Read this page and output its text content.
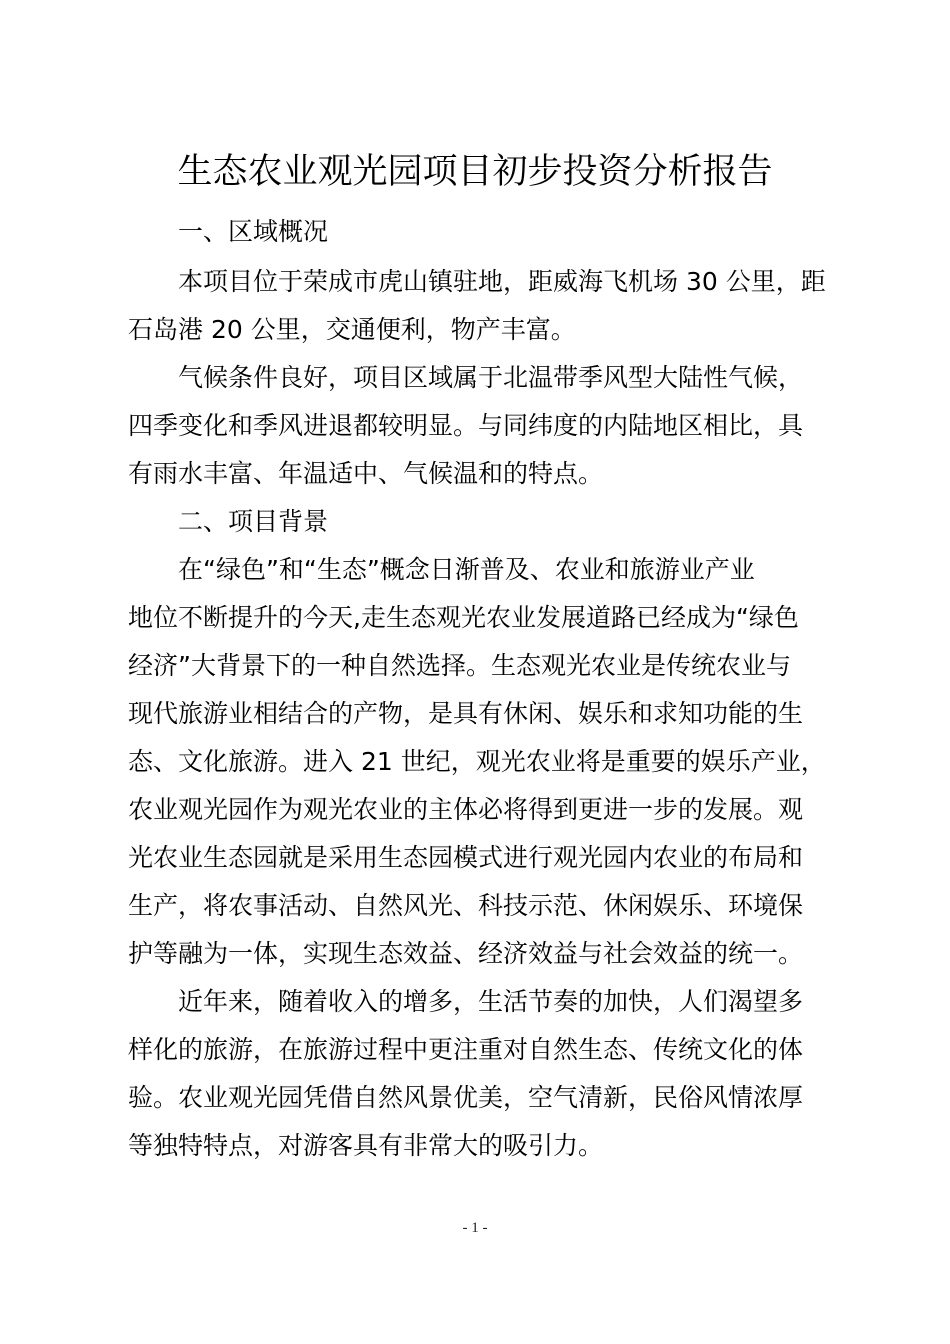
生态农业观光园项目初步投资分析报告
一、区域概况
本项目位于荣成市虎山镇驻地，距威海飞机场 30 公里，距
石岛港 20 公里，交通便利，物产丰富。
气候条件良好，项目区域属于北温带季风型大陆性气候，
四季变化和季风进退都较明显。与同纬度的内陆地区相比，具
有雨水丰富、年温适中、气候温和的特点。
二、项目背景
在“绿色”和“生态”概念日渐普及、农业和旅游业产业
地位不断提升的今天,走生态观光农业发展道路已经成为“绿色
经济”大背景下的一种自然选择。生态观光农业是传统农业与
现代旅游业相结合的产物，是具有休闲、娱乐和求知功能的生
态、文化旅游。进入 21 世纪，观光农业将是重要的娱乐产业，
农业观光园作为观光农业的主体必将得到更进一步的发展。观
光农业生态园就是采用生态园模式进行观光园内农业的布局和
生产，将农事活动、自然风光、科技示范、休闲娱乐、环境保
护等融为一体，实现生态效益、经济效益与社会效益的统一。
近年来，随着收入的增多，生活节奏的加快，人们渴望多
样化的旅游，在旅游过程中更注重对自然生态、传统文化的体
验。农业观光园凭借自然风景优美，空气清新，民俗风情浓厚
等独特特点，对游客具有非常大的吸引力。
- 1 -
